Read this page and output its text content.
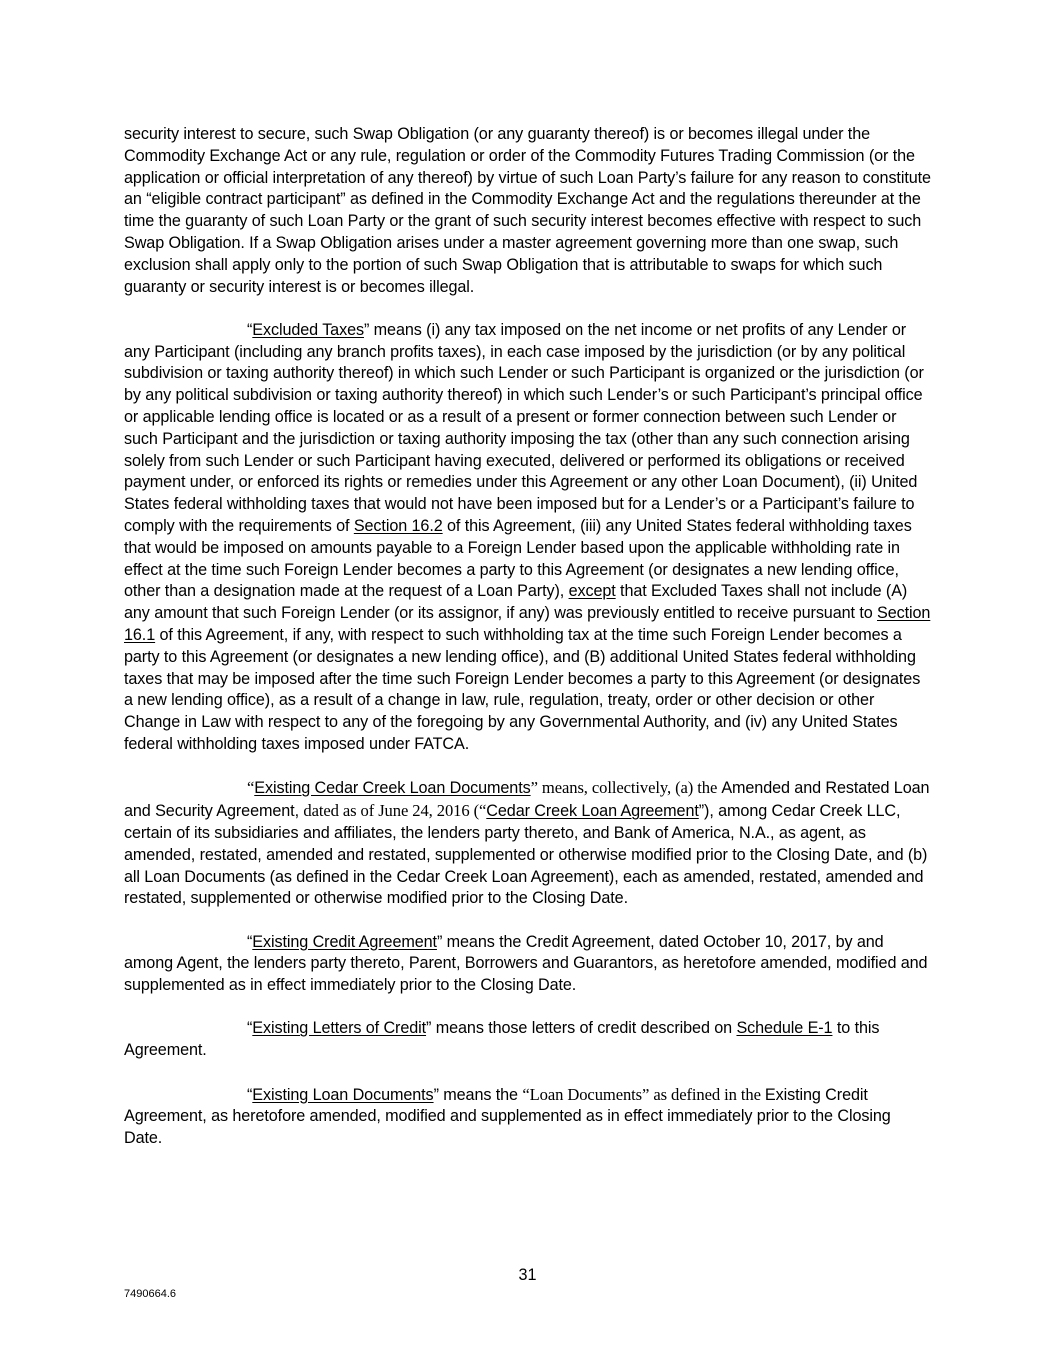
security interest to secure, such Swap Obligation (or any guaranty thereof) is or becomes illegal under the Commodity Exchange Act or any rule, regulation or order of the Commodity Futures Trading Commission (or the application or official interpretation of any thereof) by virtue of such Loan Party’s failure for any reason to constitute an “eligible contract participant” as defined in the Commodity Exchange Act and the regulations thereunder at the time the guaranty of such Loan Party or the grant of such security interest becomes effective with respect to such Swap Obligation. If a Swap Obligation arises under a master agreement governing more than one swap, such exclusion shall apply only to the portion of such Swap Obligation that is attributable to swaps for which such guaranty or security interest is or becomes illegal.

“Excluded Taxes” means (i) any tax imposed on the net income or net profits of any Lender or any Participant (including any branch profits taxes), in each case imposed by the jurisdiction (or by any political subdivision or taxing authority thereof) in which such Lender or such Participant is organized or the jurisdiction (or by any political subdivision or taxing authority thereof) in which such Lender’s or such Participant’s principal office or applicable lending office is located or as a result of a present or former connection between such Lender or such Participant and the jurisdiction or taxing authority imposing the tax (other than any such connection arising solely from such Lender or such Participant having executed, delivered or performed its obligations or received payment under, or enforced its rights or remedies under this Agreement or any other Loan Document), (ii) United States federal withholding taxes that would not have been imposed but for a Lender’s or a Participant’s failure to comply with the requirements of Section 16.2 of this Agreement, (iii) any United States federal withholding taxes that would be imposed on amounts payable to a Foreign Lender based upon the applicable withholding rate in effect at the time such Foreign Lender becomes a party to this Agreement (or designates a new lending office, other than a designation made at the request of a Loan Party), except that Excluded Taxes shall not include (A) any amount that such Foreign Lender (or its assignor, if any) was previously entitled to receive pursuant to Section 16.1 of this Agreement, if any, with respect to such withholding tax at the time such Foreign Lender becomes a party to this Agreement (or designates a new lending office), and (B) additional United States federal withholding taxes that may be imposed after the time such Foreign Lender becomes a party to this Agreement (or designates a new lending office), as a result of a change in law, rule, regulation, treaty, order or other decision or other Change in Law with respect to any of the foregoing by any Governmental Authority, and (iv) any United States federal withholding taxes imposed under FATCA.

“Existing Cedar Creek Loan Documents” means, collectively, (a) the Amended and Restated Loan and Security Agreement, dated as of June 24, 2016 (“Cedar Creek Loan Agreement”), among Cedar Creek LLC, certain of its subsidiaries and affiliates, the lenders party thereto, and Bank of America, N.A., as agent, as amended, restated, amended and restated, supplemented or otherwise modified prior to the Closing Date, and (b) all Loan Documents (as defined in the Cedar Creek Loan Agreement), each as amended, restated, amended and restated, supplemented or otherwise modified prior to the Closing Date.

“Existing Credit Agreement” means the Credit Agreement, dated October 10, 2017, by and among Agent, the lenders party thereto, Parent, Borrowers and Guarantors, as heretofore amended, modified and supplemented as in effect immediately prior to the Closing Date.

“Existing Letters of Credit” means those letters of credit described on Schedule E-1 to this Agreement.

“Existing Loan Documents” means the “Loan Documents” as defined in the Existing Credit Agreement, as heretofore amended, modified and supplemented as in effect immediately prior to the Closing Date.

31
7490664.6
